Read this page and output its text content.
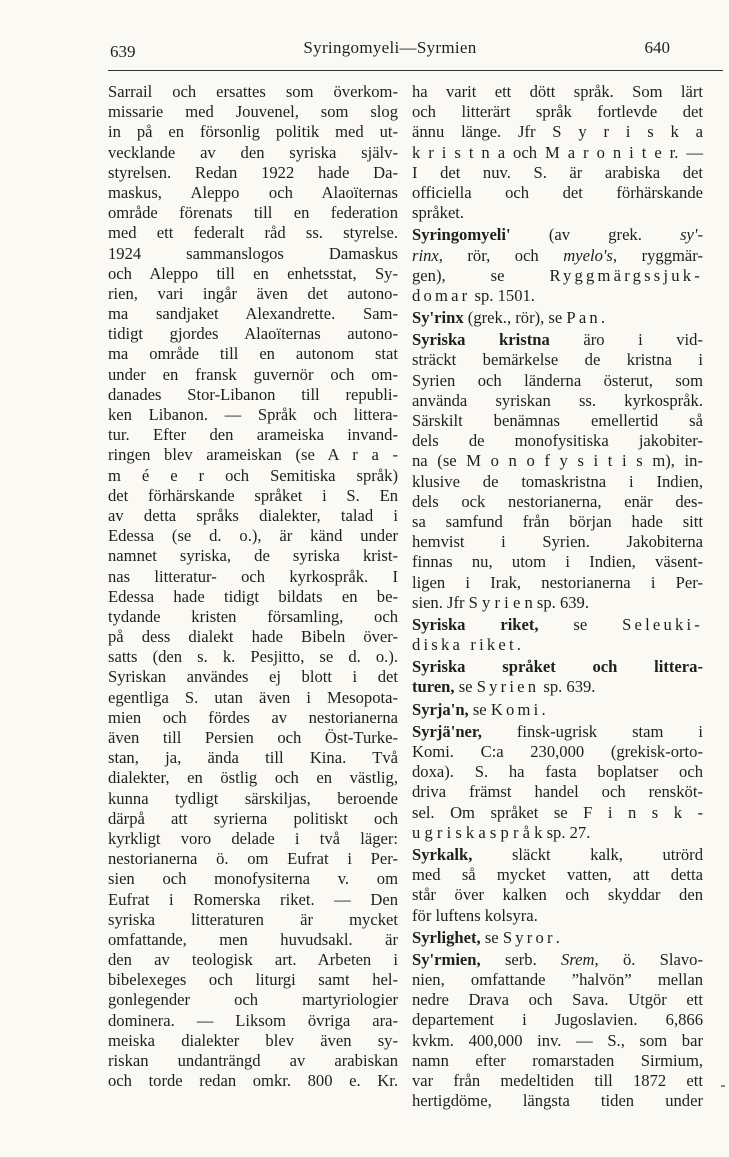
639	Syringomyeli—Syrmien	640
Sarrail och ersattes som överkom-
missarie med Jouvenel, som slog
in på en försonlig politik med ut-
vecklande av den syriska själv-
styrelsen. Redan 1922 hade Da-
maskus, Aleppo och Alaoïternas
område förenats till en federation
med ett federalt råd ss. styrelse.
1924 sammanslogos Damaskus
och Aleppo till en enhetsstat, Sy-
rien, vari ingår även det autono-
ma sandjaket Alexandrette. Sam-
tidigt gjordes Alaoïternas autono-
ma område till en autonom stat
under en fransk guvernör och om-
danades Stor-Libanon till republi-
ken Libanon. — Språk och littera-
tur. Efter den arameiska invand-
ringen blev arameiskan (se A r a -
m é e r och Semitiska språk)
det förhärskande språket i S. En
av detta språks dialekter, talad i
Edessa (se d. o.), är känd under
namnet syriska, de syriska krist-
nas litteratur- och kyrkospråk. I
Edessa hade tidigt bildats en be-
tydande kristen församling, och
på dess dialekt hade Bibeln över-
satts (den s. k. Pesjitto, se d. o.).
Syriskan användes ej blott i det
egentliga S. utan även i Mesopota-
mien och fördes av nestorianerna
även till Persien och Öst-Turke-
stan, ja, ända till Kina. Två
dialekter, en östlig och en västlig,
kunna tydligt särskiljas, beroende
därpå att syrierna politiskt och
kyrkligt voro delade i två läger:
nestorianerna ö. om Eufrat i Per-
sien och monofysiterna v. om
Eufrat i Romerska riket. — Den
syriska litteraturen är mycket
omfattande, men huvudsakl. är
den av teologisk art. Arbeten i
bibelexeges och liturgi samt hel-
gonlegender och martyriologier
dominera. — Liksom övriga ara-
meiska dialekter blev även sy-
riskan undanträngd av arabiskan
och torde redan omkr. 800 e. Kr.
ha varit ett dött språk. Som lärt
och litterärt språk fortlevde det
ännu länge. Jfr S y r i s k a
k r i s t n a och M a r o n i t e r. —
I det nuv. S. är arabiska det
officiella och det förhärskande
språket.
Syringomyeli' (av grek. sy'-
rinx, rör, och myelo's, ryggmär-
gen), se Ryggmärgssjuk-
domar sp. 1501.
Sy'rinx (grek., rör), se Pan.
Syriska kristna äro i vid-
sträckt bemärkelse de kristna i
Syrien och länderna österut, som
använda syriskan ss. kyrkospråk.
Särskilt benämnas emellertid så
dels de monofysitiska jakobiter-
na (se M o n o f y s i t i s m), in-
klusive de tomaskristna i Indien,
dels ock nestorianerna, enär des-
sa samfund från början hade sitt
hemvist i Syrien. Jakobiterna
finnas nu, utom i Indien, väsent-
ligen i Irak, nestorianerna i Per-
sien. Jfr S y r i e n sp. 639.
Syriska riket, se Seleuki-
diska riket.
Syriska språket och littera-
turen, se Syrien sp. 639.
Syrja'n, se Komi.
Syrjä'ner, finsk-ugrisk stam i
Komi. C:a 230,000 (grekisk-orto-
doxa). S. ha fasta boplatser och
driva främst handel och rensköt-
sel. Om språket se F i n s k -
u g r i s k a s p r å k sp. 27.
Syrkalk, släckt kalk, utrörd
med så mycket vatten, att detta
står över kalken och skyddar den
för luftens kolsyra.
Syrlighet, se Syror.
Sy'rmien, serb. Srem, ö. Slavo-
nien, omfattande ”halvön” mellan
nedre Drava och Sava. Utgör ett
departement i Jugoslavien. 6,866
kvkm. 400,000 inv. — S., som bar
namn efter romarstaden Sirmium,
var från medeltiden till 1872 ett
hertigdöme, längsta tiden under
